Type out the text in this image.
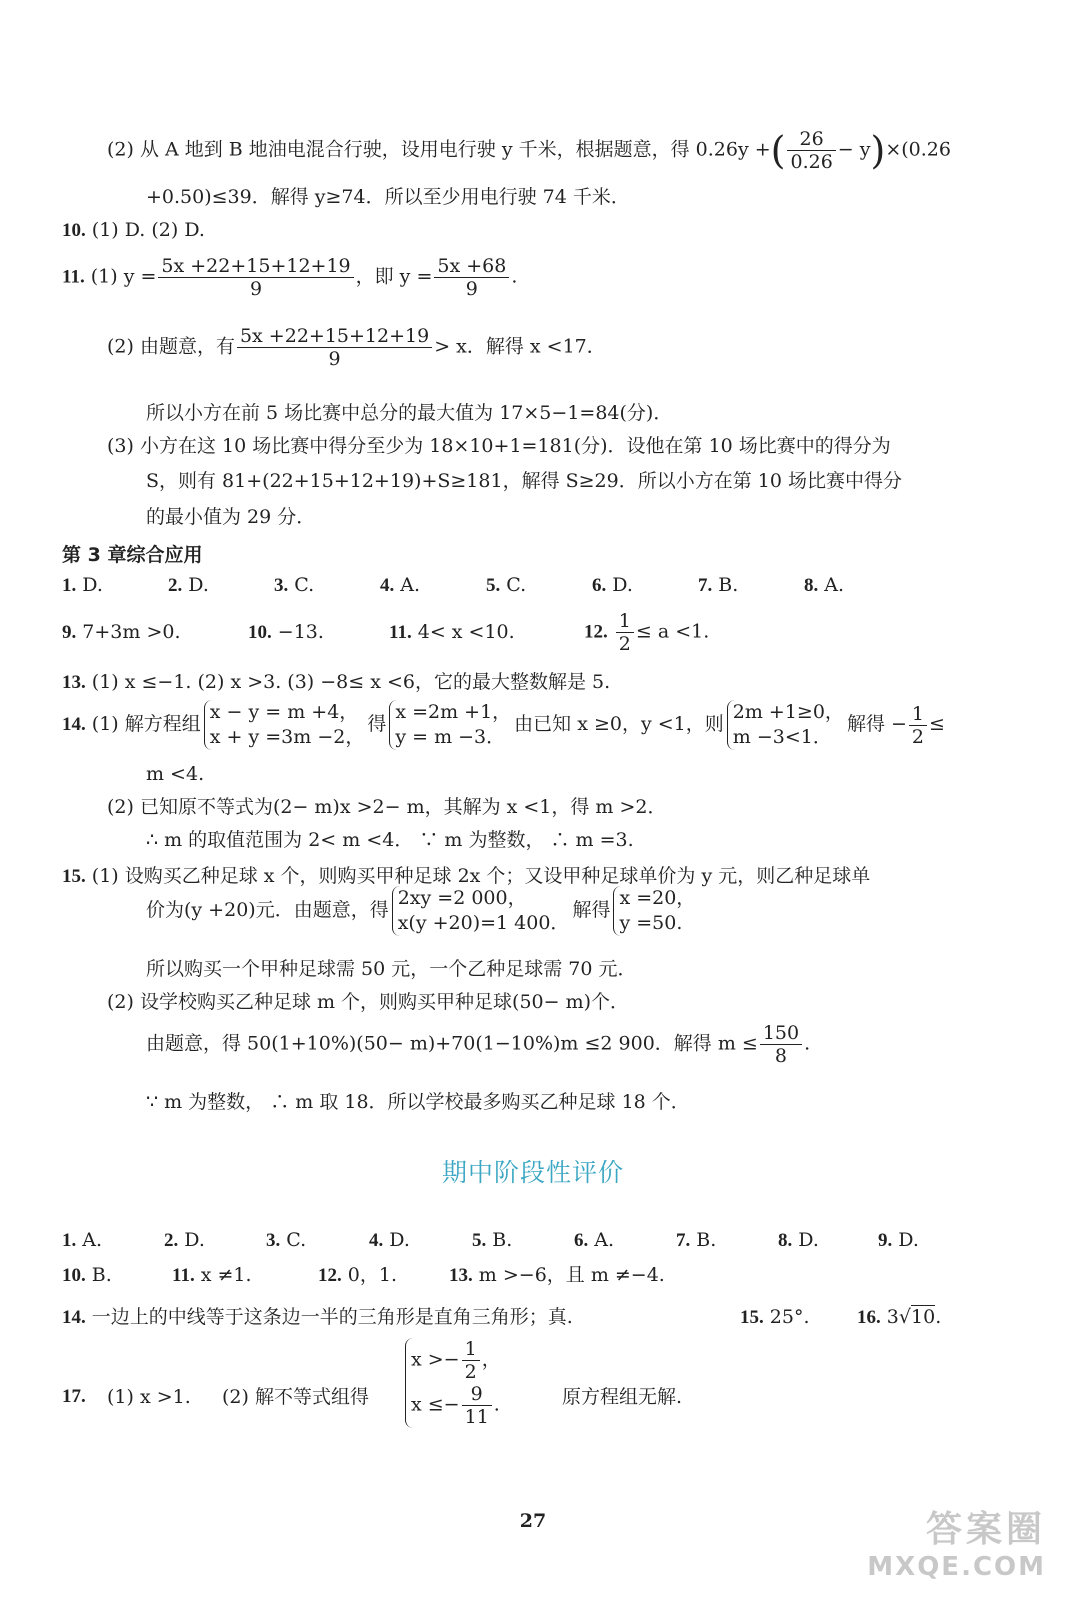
(2) 从 A 地到 B 地油电混合行驶，设用电行驶 y 千米，根据题意，得 0.26y +( $\frac{26}{0.26} - y)\times(0.26$
+0.50)≤39．解得 y≥74．所以至少用电行驶 74 千米．
10. (1) D. (2) D.
11. (1) $y = \frac{5x +22+15+12+19}{9}$ ，即 $y = \frac{5x +68}{9}$ .
(2) 由题意，有 $\frac{5x +22+15+12+19}{9} > x$．解得 x <17．
所以小方在前 5 场比赛中总分的最大值为 17×5−1=84(分)．
(3) 小方在这 10 场比赛中得分至少为 18×10+1=181(分)．设他在第 10 场比赛中的得分为
S，则有 81+(22+15+12+19)+S≥181，解得 S≥29．所以小方在第 10 场比赛中得分
的最小值为 29 分．
第 3 章综合应用
1. D.	2. D.	3. C.	4. A.	5. C.	6. D.	7. B.	8. A.
9. 7+3m >0.	10. −13.	11. 4< x <10.	12. $\frac{1}{2} \le a <1$.
13. (1) x ≤−1. (2) x >3. (3) −8≤ x <6，它的最大整数解是 5.
14. (1) 解方程组x − y = m +4，
x + y =3m −2，得x =2m +1，
y = m −3．由已知 x ≥0，y <1，则2m +1≥0，
m −3<1．解得 − $\frac{1}{2}$ ≤
m <4.
(2) 已知原不等式为(2− m)x >2− m，其解为 x <1，得 m >2．
∴ m 的取值范围为 2< m <4． ∵ m 为整数， ∴ m =3.
15. (1) 设购买乙种足球 x 个，则购买甲种足球 2x 个；又设甲种足球单价为 y 元，则乙种足球单
价为(y +20)元．由题意，得2xy =2 000，
x(y +20)=1 400．解得x =20，
y =50.
所以购买一个甲种足球需 50 元，一个乙种足球需 70 元．
(2) 设学校购买乙种足球 m 个，则购买甲种足球(50− m)个．
由题意，得 50(1+10%)(50− m)+70(1−10%)m ≤2 900．解得 $m \le \frac{150}{8}$ .
∵ m 为整数， ∴ m 取 18．所以学校最多购买乙种足球 18 个．
期中阶段性评价
1. A.	2. D.	3. C.	4. D.	5. B.	6. A.	7. B.	8. D.	9. D.
10. B.	11. x ≠1.	12. 0，1.	13. m >−6，且 m ≠−4.
14. 一边上的中线等于这条边一半的三角形是直角三角形；真.	15. 25°. 16. 3√10.
17. (1) x >1. (2) 解不等式组得
$x >- \frac{1}{2}$ ，
$x \le- \frac{9}{11}$ .	原方程组无解.
27	答案圈
MXQE.COM
